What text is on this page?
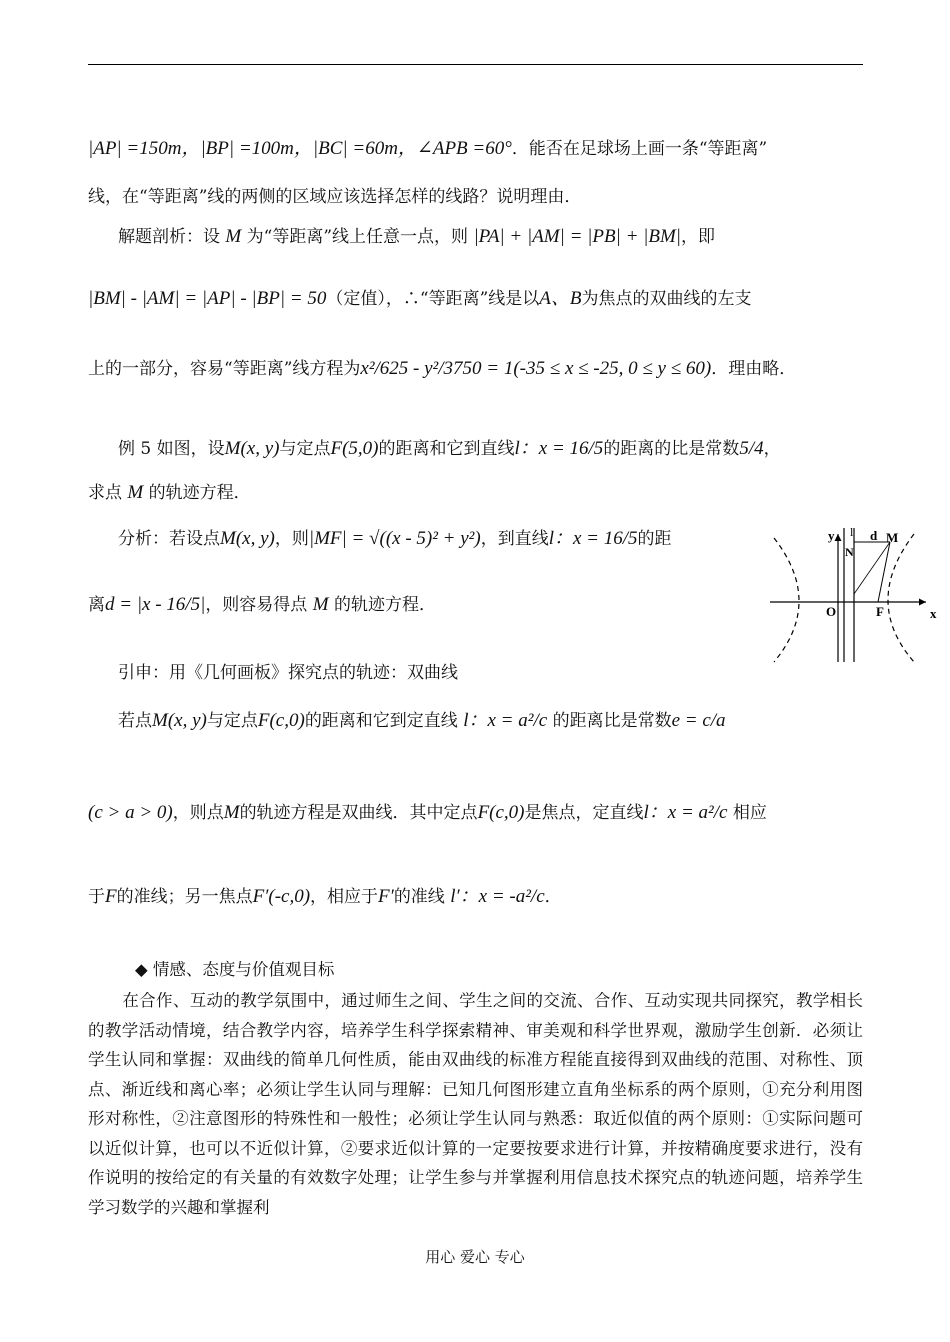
|AP| =150m，|BP| =100m，|BC| =60m，∠APB =60°．能否在足球场上画一条“等距离”
线，在“等距离”线的两侧的区域应该选择怎样的线路？说明理由．
解题剖析：设 M 为“等距离”线上任意一点，则 |PA| + |AM| = |PB| + |BM|，即
|BM| - |AM| = |AP| - |BP| = 50（定值），∴“等距离”线是以A、B为焦点的双曲线的左支
上的一部分，容易“等距离”线方程为x²/625 - y²/3750 = 1(-35 ≤ x ≤ -25, 0 ≤ y ≤ 60)．理由略．
例 5 如图，设M(x, y)与定点F(5,0)的距离和它到直线l：x = 16/5的距离的比是常数5/4，
求点 M 的轨迹方程．
分析：若设点M(x, y)，则|MF| = √((x - 5)² + y²)，到直线l：x = 16/5的距
离d = |x - 16/5|，则容易得点 M 的轨迹方程．
y l d M
N
O	F	x
引申：用《几何画板》探究点的轨迹：双曲线
若点M(x, y)与定点F(c,0)的距离和它到定直线 l：x = a²/c 的距离比是常数e = c/a
(c > a > 0)，则点M的轨迹方程是双曲线．其中定点F(c,0)是焦点，定直线l：x = a²/c 相应
于F的准线；另一焦点F′(-c,0)，相应于F′的准线 l′：x = -a²/c．
◆ 情感、态度与价值观目标
在合作、互动的教学氛围中，通过师生之间、学生之间的交流、合作、互动实现共同探究，教学相长的教学活动情境，结合教学内容，培养学生科学探索精神、审美观和科学世界观，激励学生创新．必须让学生认同和掌握：双曲线的简单几何性质，能由双曲线的标准方程能直接得到双曲线的范围、对称性、顶点、渐近线和离心率；必须让学生认同与理解：已知几何图形建立直角坐标系的两个原则，①充分利用图形对称性，②注意图形的特殊性和一般性；必须让学生认同与熟悉：取近似值的两个原则：①实际问题可以近似计算，也可以不近似计算，②要求近似计算的一定要按要求进行计算，并按精确度要求进行，没有作说明的按给定的有关量的有效数字处理；让学生参与并掌握利用信息技术探究点的轨迹问题，培养学生学习数学的兴趣和掌握利
用心 爱心 专心
